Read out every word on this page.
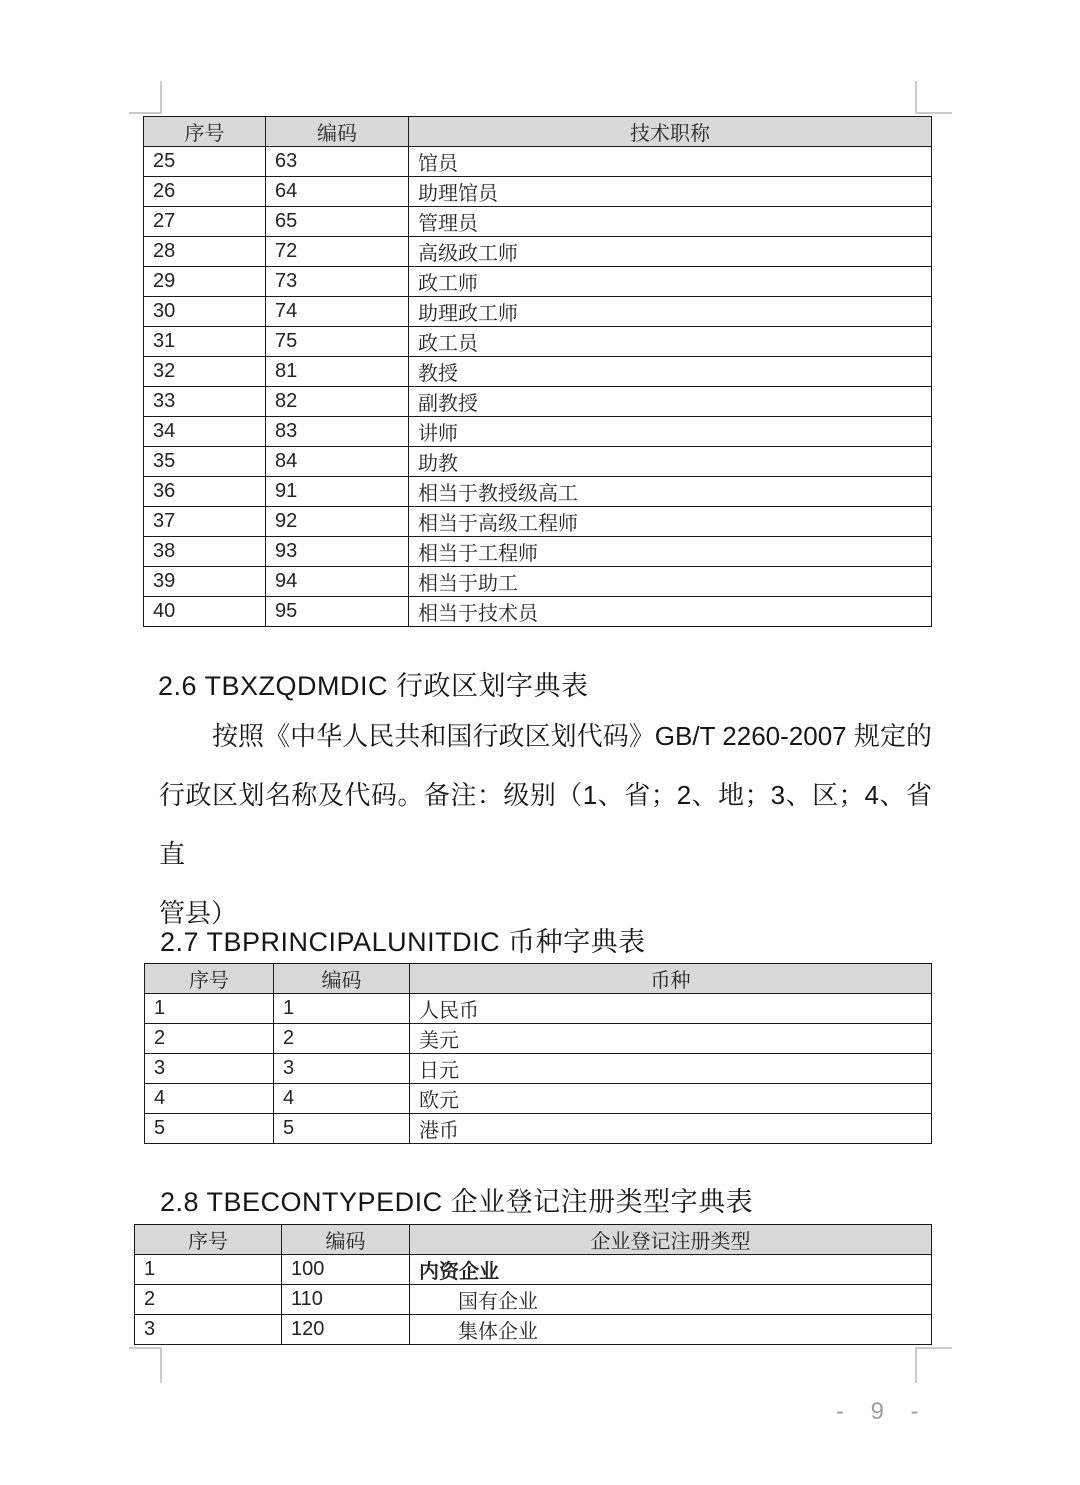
序号	编码	技术职称
25	63	馆员
26	64	助理馆员
27	65	管理员
28	72	高级政工师
29	73	政工师
30	74	助理政工师
31	75	政工员
32	81	教授
33	82	副教授
34	83	讲师
35	84	助教
36	91	相当于教授级高工
37	92	相当于高级工程师
38	93	相当于工程师
39	94	相当于助工
40	95	相当于技术员
2.6 TBXZQDMDIC 行政区划字典表
按照《中华人民共和国行政区划代码》GB/T 2260-2007 规定的
行政区划名称及代码。备注：级别（1、省；2、地；3、区；4、省直
管县）
2.7 TBPRINCIPALUNITDIC 币种字典表
序号	编码	币种
1	1	人民币
2	2	美元
3	3	日元
4	4	欧元
5	5	港币
2.8 TBECONTYPEDIC 企业登记注册类型字典表
序号	编码	企业登记注册类型
1	100	内资企业
2	110	国有企业
3	120	集体企业
- 9 -
